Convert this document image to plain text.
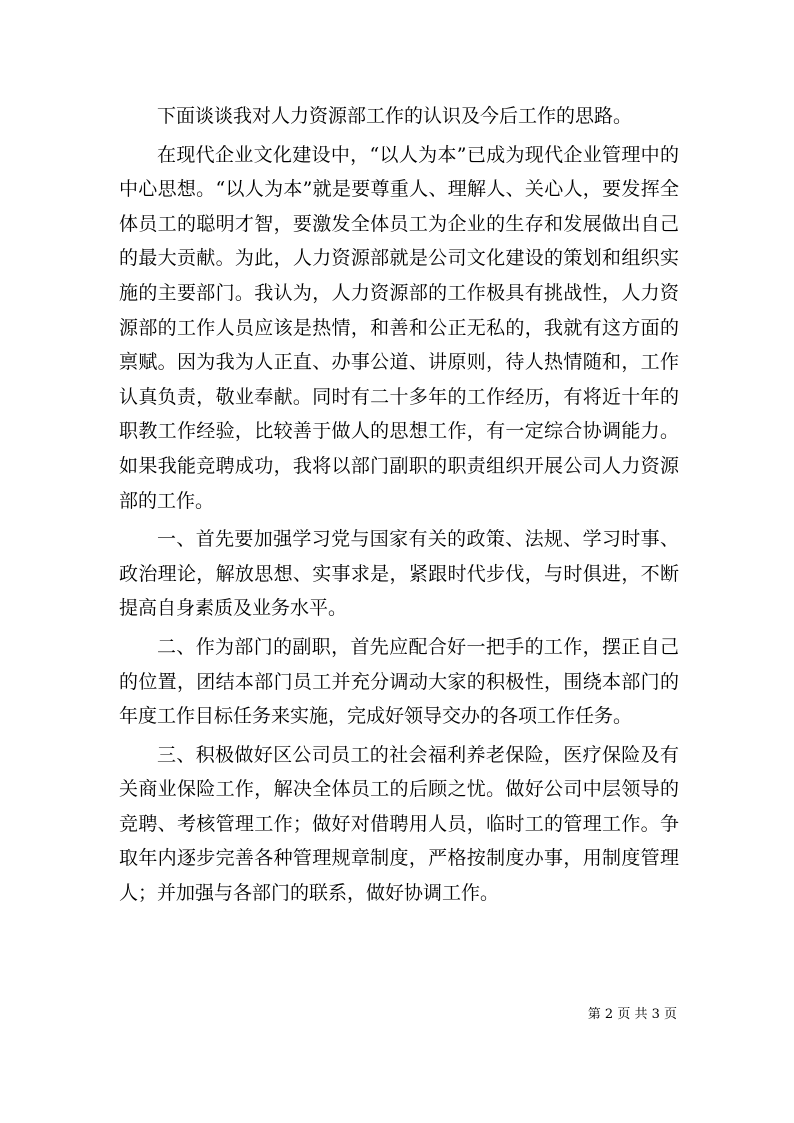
下面谈谈我对人力资源部工作的认识及今后工作的思路。

在现代企业文化建设中，“以人为本”已成为现代企业管理中的中心思想。“以人为本”就是要尊重人、理解人、关心人，要发挥全体员工的聪明才智，要激发全体员工为企业的生存和发展做出自己的最大贡献。为此，人力资源部就是公司文化建设的策划和组织实施的主要部门。我认为，人力资源部的工作极具有挑战性，人力资源部的工作人员应该是热情，和善和公正无私的，我就有这方面的禀赋。因为我为人正直、办事公道、讲原则，待人热情随和，工作认真负责，敬业奉献。同时有二十多年的工作经历，有将近十年的职教工作经验，比较善于做人的思想工作，有一定综合协调能力。如果我能竞聘成功，我将以部门副职的职责组织开展公司人力资源部的工作。

一、首先要加强学习党与国家有关的政策、法规、学习时事、政治理论，解放思想、实事求是，紧跟时代步伐，与时俱进，不断提高自身素质及业务水平。

二、作为部门的副职，首先应配合好一把手的工作，摆正自己的位置，团结本部门员工并充分调动大家的积极性，围绕本部门的年度工作目标任务来实施，完成好领导交办的各项工作任务。

三、积极做好区公司员工的社会福利养老保险，医疗保险及有关商业保险工作，解决全体员工的后顾之忧。做好公司中层领导的竞聘、考核管理工作；做好对借聘用人员，临时工的管理工作。争取年内逐步完善各种管理规章制度，严格按制度办事，用制度管理人；并加强与各部门的联系，做好协调工作。

第 2 页 共 3 页
